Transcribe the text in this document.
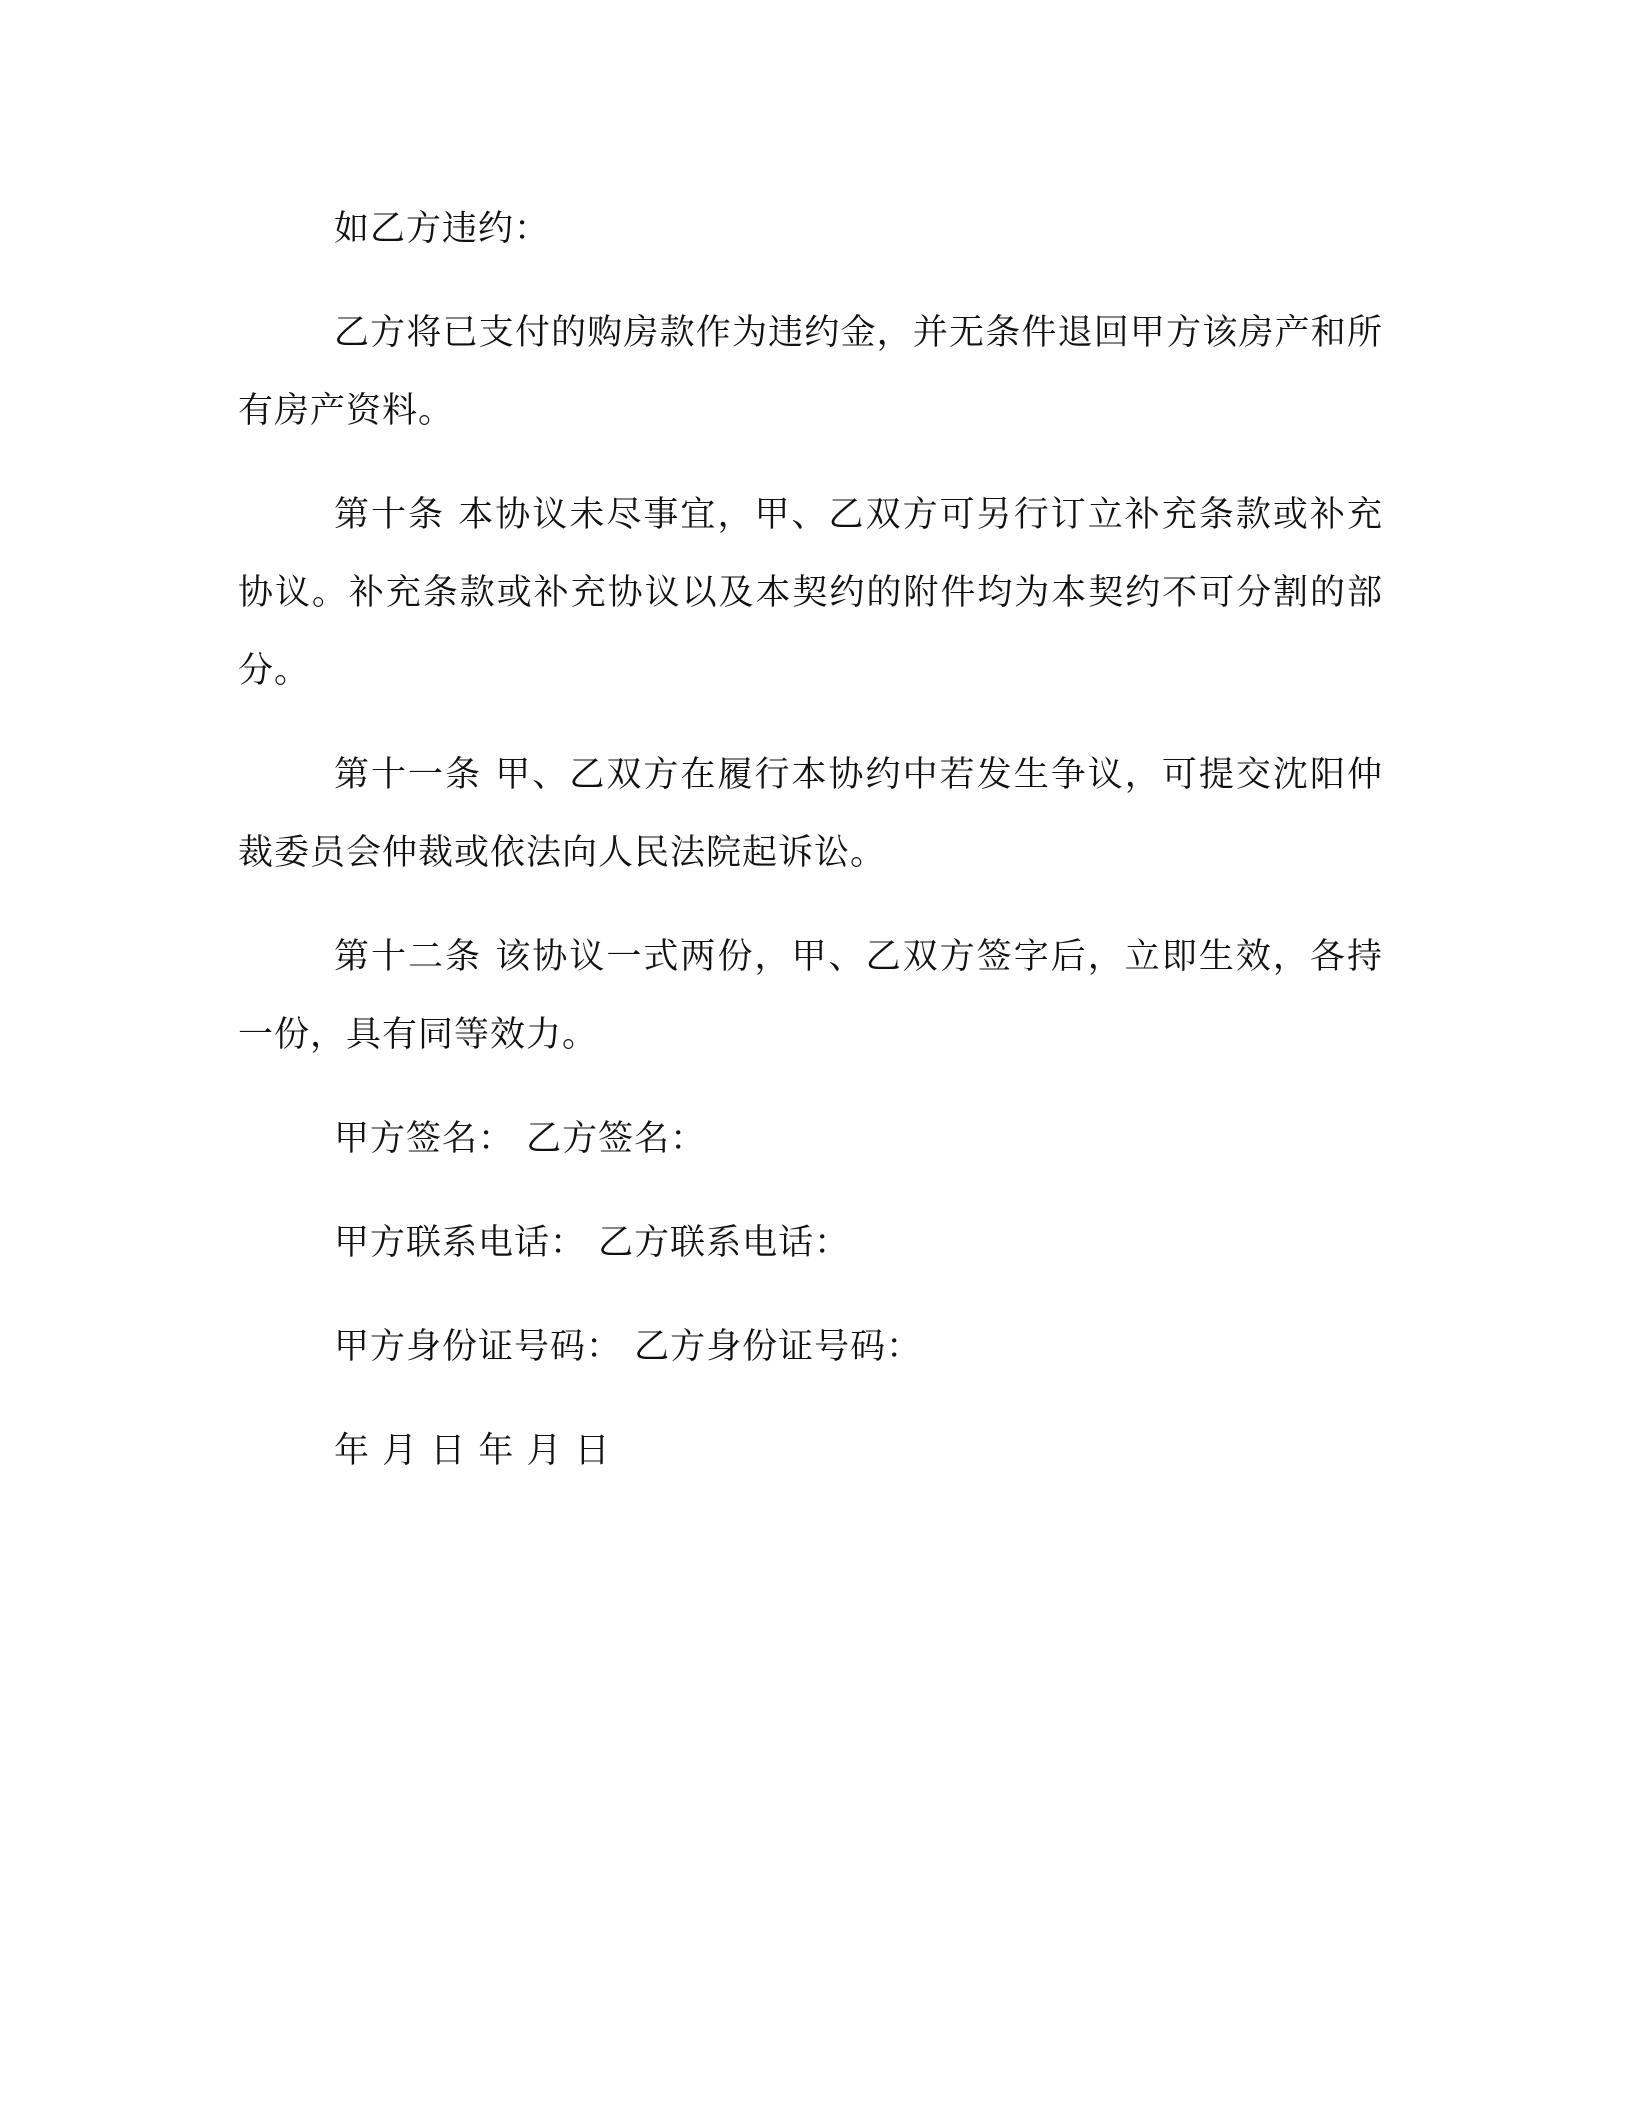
如乙方违约：

乙方将已支付的购房款作为违约金，并无条件退回甲方该房产和所有房产资料。

第十条 本协议未尽事宜，甲、乙双方可另行订立补充条款或补充协议。补充条款或补充协议以及本契约的附件均为本契约不可分割的部分。

第十一条 甲、乙双方在履行本协约中若发生争议，可提交沈阳仲裁委员会仲裁或依法向人民法院起诉讼。

第十二条 该协议一式两份，甲、乙双方签字后，立即生效，各持一份，具有同等效力。

甲方签名： 乙方签名：

甲方联系电话： 乙方联系电话：

甲方身份证号码： 乙方身份证号码：

年 月 日 年 月 日
